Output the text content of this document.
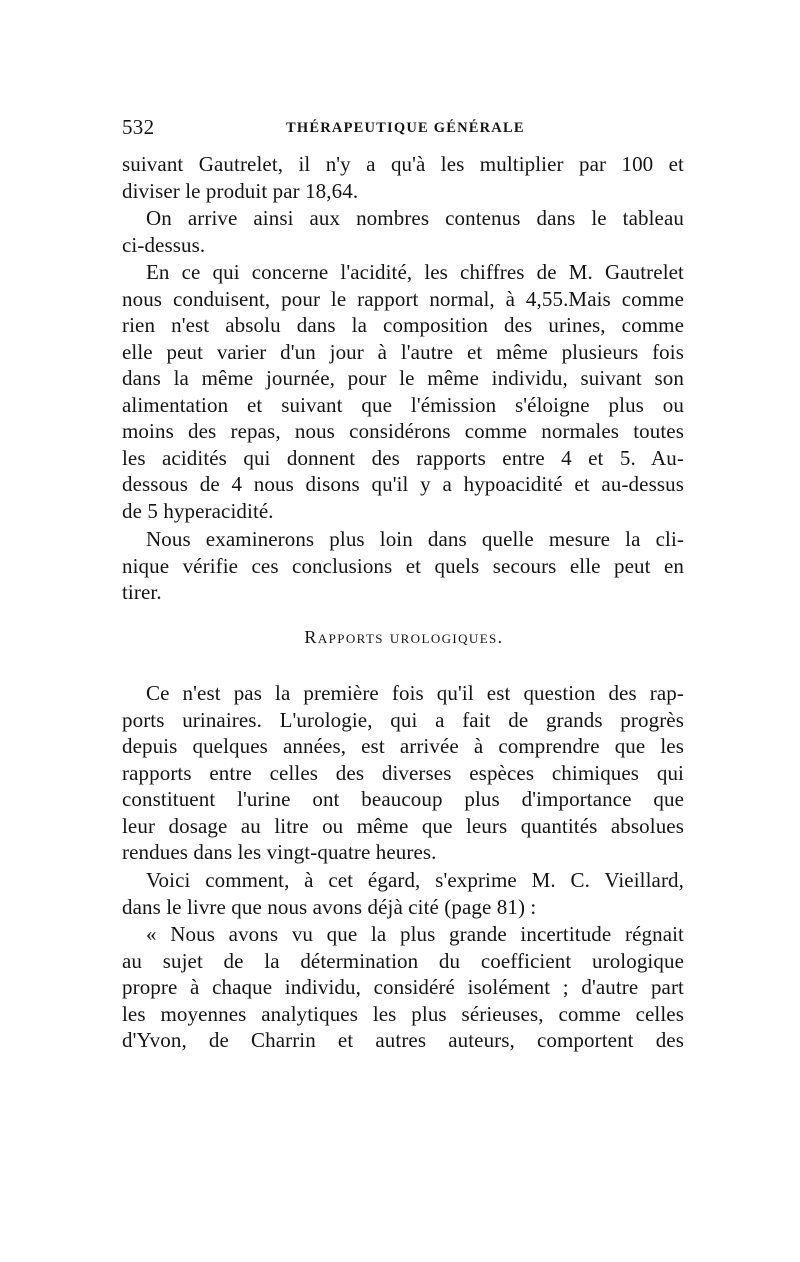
532	THÉRAPEUTIQUE GÉNÉRALE
suivant Gautrelet, il n'y a qu'à les multiplier par 100 et
diviser le produit par 18,64.
On arrive ainsi aux nombres contenus dans le tableau
ci-dessus.
En ce qui concerne l'acidité, les chiffres de M. Gautrelet
nous conduisent, pour le rapport normal, à 4,55.Mais comme
rien n'est absolu dans la composition des urines, comme
elle peut varier d'un jour à l'autre et même plusieurs fois
dans la même journée, pour le même individu, suivant son
alimentation et suivant que l'émission s'éloigne plus ou
moins des repas, nous considérons comme normales toutes
les acidités qui donnent des rapports entre 4 et 5. Au-
dessous de 4 nous disons qu'il y a hypoacidité et au-dessus
de 5 hyperacidité.
Nous examinerons plus loin dans quelle mesure la cli-
nique vérifie ces conclusions et quels secours elle peut en
tirer.
Rapports urologiques.
Ce n'est pas la première fois qu'il est question des rap-
ports urinaires. L'urologie, qui a fait de grands progrès
depuis quelques années, est arrivée à comprendre que les
rapports entre celles des diverses espèces chimiques qui
constituent l'urine ont beaucoup plus d'importance que
leur dosage au litre ou même que leurs quantités absolues
rendues dans les vingt-quatre heures.
Voici comment, à cet égard, s'exprime M. C. Vieillard,
dans le livre que nous avons déjà cité (page 81) :
« Nous avons vu que la plus grande incertitude régnait
au sujet de la détermination du coefficient urologique
propre à chaque individu, considéré isolément ; d'autre part
les moyennes analytiques les plus sérieuses, comme celles
d'Yvon, de Charrin et autres auteurs, comportent des
